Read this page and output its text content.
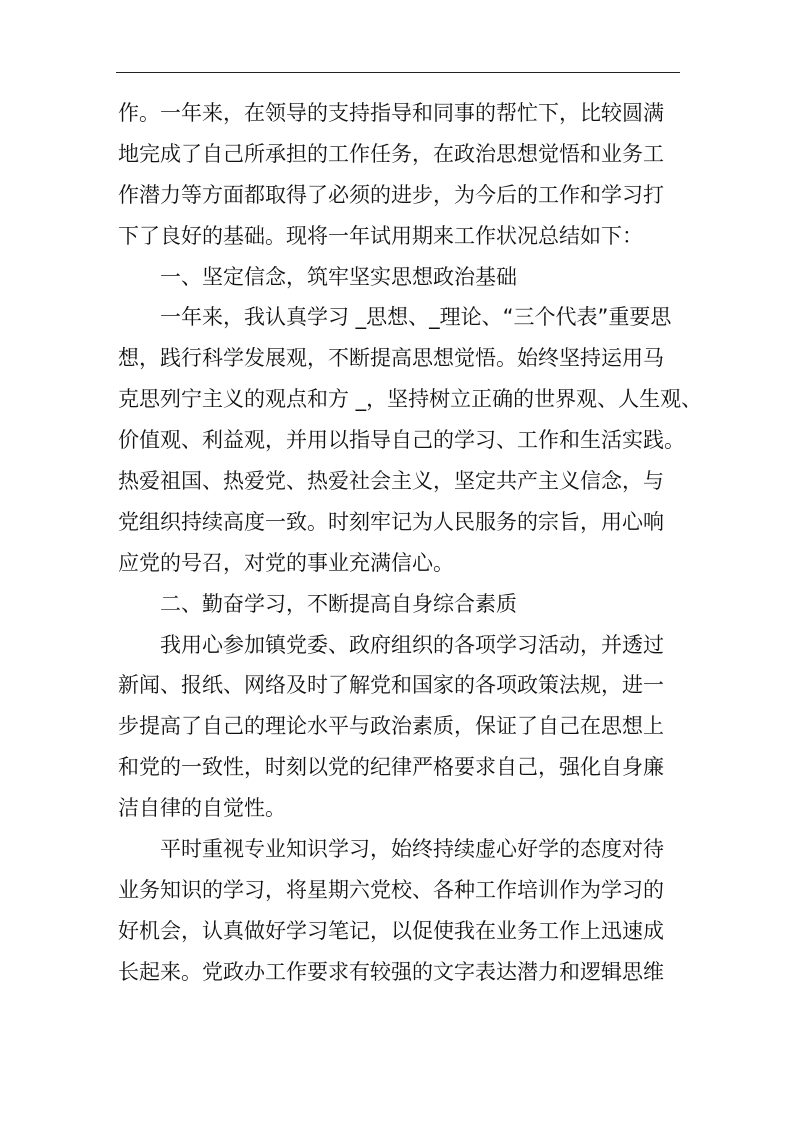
作。一年来，在领导的支持指导和同事的帮忙下，比较圆满
地完成了自己所承担的工作任务，在政治思想觉悟和业务工
作潜力等方面都取得了必须的进步，为今后的工作和学习打
下了良好的基础。现将一年试用期来工作状况总结如下：
一、坚定信念，筑牢坚实思想政治基础
一年来，我认真学习 _思想、_理论、“三个代表”重要思
想，践行科学发展观，不断提高思想觉悟。始终坚持运用马
克思列宁主义的观点和方 _，坚持树立正确的世界观、人生观、
价值观、利益观，并用以指导自己的学习、工作和生活实践。
热爱祖国、热爱党、热爱社会主义，坚定共产主义信念，与
党组织持续高度一致。时刻牢记为人民服务的宗旨，用心响
应党的号召，对党的事业充满信心。
二、勤奋学习，不断提高自身综合素质
我用心参加镇党委、政府组织的各项学习活动，并透过
新闻、报纸、网络及时了解党和国家的各项政策法规，进一
步提高了自己的理论水平与政治素质，保证了自己在思想上
和党的一致性，时刻以党的纪律严格要求自己，强化自身廉
洁自律的自觉性。
平时重视专业知识学习，始终持续虚心好学的态度对待
业务知识的学习，将星期六党校、各种工作培训作为学习的
好机会，认真做好学习笔记，以促使我在业务工作上迅速成
长起来。党政办工作要求有较强的文字表达潜力和逻辑思维
